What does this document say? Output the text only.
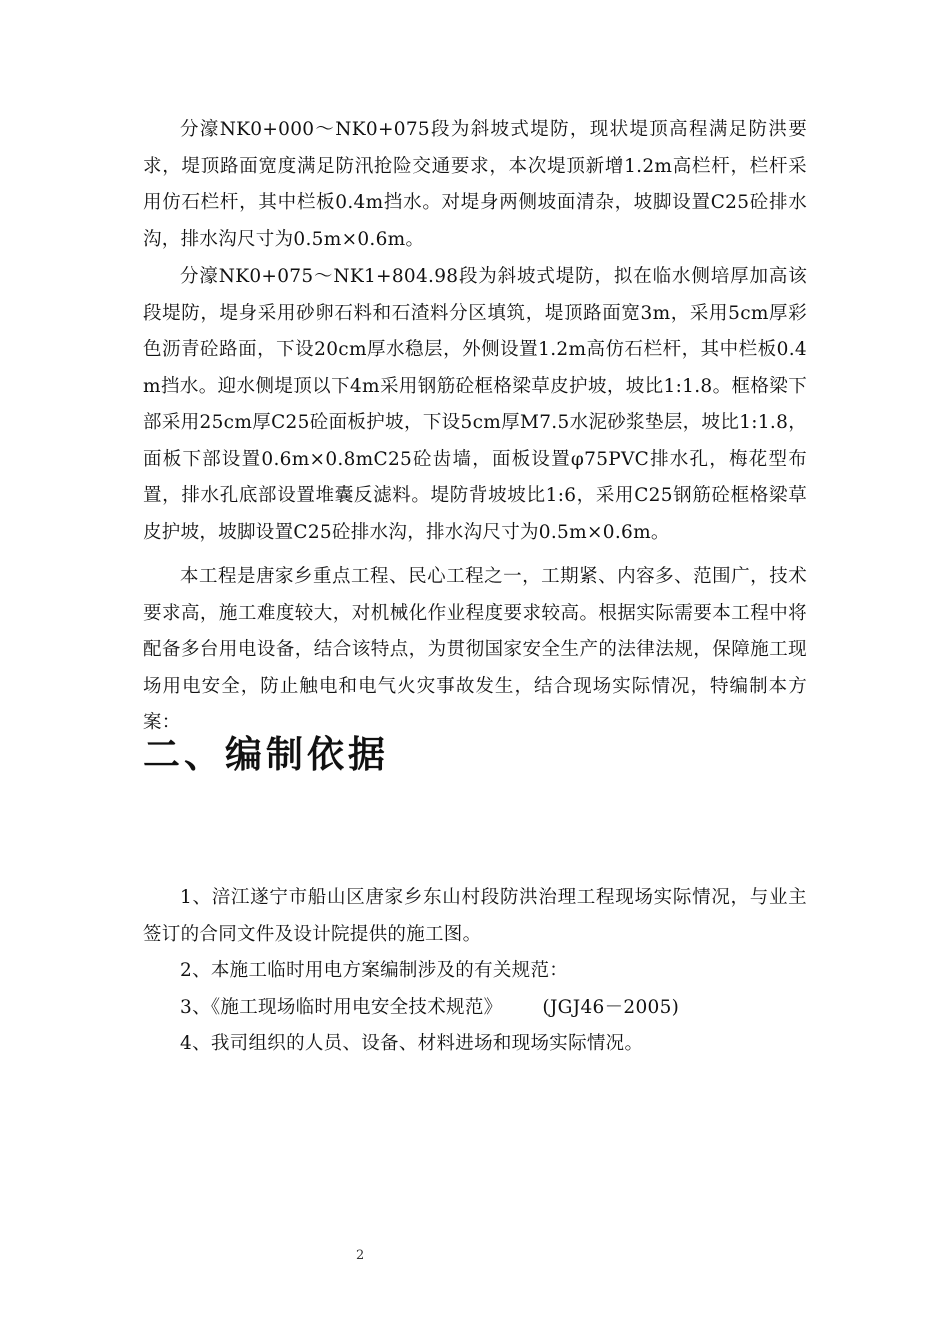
分濠NK0+000～NK0+075段为斜坡式堤防，现状堤顶高程满足防洪要求，堤顶路面宽度满足防汛抢险交通要求，本次堤顶新增1.2m高栏杆，栏杆采用仿石栏杆，其中栏板0.4m挡水。对堤身两侧坡面清杂，坡脚设置C25砼排水沟，排水沟尺寸为0.5m×0.6m。

分濠NK0+075～NK1+804.98段为斜坡式堤防，拟在临水侧培厚加高该段堤防，堤身采用砂卵石料和石渣料分区填筑，堤顶路面宽3m，采用5cm厚彩色沥青砼路面，下设20cm厚水稳层，外侧设置1.2m高仿石栏杆，其中栏板0.4m挡水。迎水侧堤顶以下4m采用钢筋砼框格梁草皮护坡，坡比1:1.8。框格梁下部采用25cm厚C25砼面板护坡，下设5cm厚M7.5水泥砂浆垫层，坡比1:1.8，面板下部设置0.6m×0.8mC25砼齿墙，面板设置φ75PVC排水孔，梅花型布置，排水孔底部设置堆囊反滤料。堤防背坡坡比1:6，采用C25钢筋砼框格梁草皮护坡，坡脚设置C25砼排水沟，排水沟尺寸为0.5m×0.6m。

本工程是唐家乡重点工程、民心工程之一，工期紧、内容多、范围广，技术要求高，施工难度较大，对机械化作业程度要求较高。根据实际需要本工程中将配备多台用电设备，结合该特点，为贯彻国家安全生产的法律法规，保障施工现场用电安全，防止触电和电气火灾事故发生，结合现场实际情况，特编制本方案：

二、编制依据

1、涪江遂宁市船山区唐家乡东山村段防洪治理工程现场实际情况，与业主签订的合同文件及设计院提供的施工图。

2、本施工临时用电方案编制涉及的有关规范：

3、《施工现场临时用电安全技术规范》 (JGJ46－2005)

4、我司组织的人员、设备、材料进场和现场实际情况。

2
